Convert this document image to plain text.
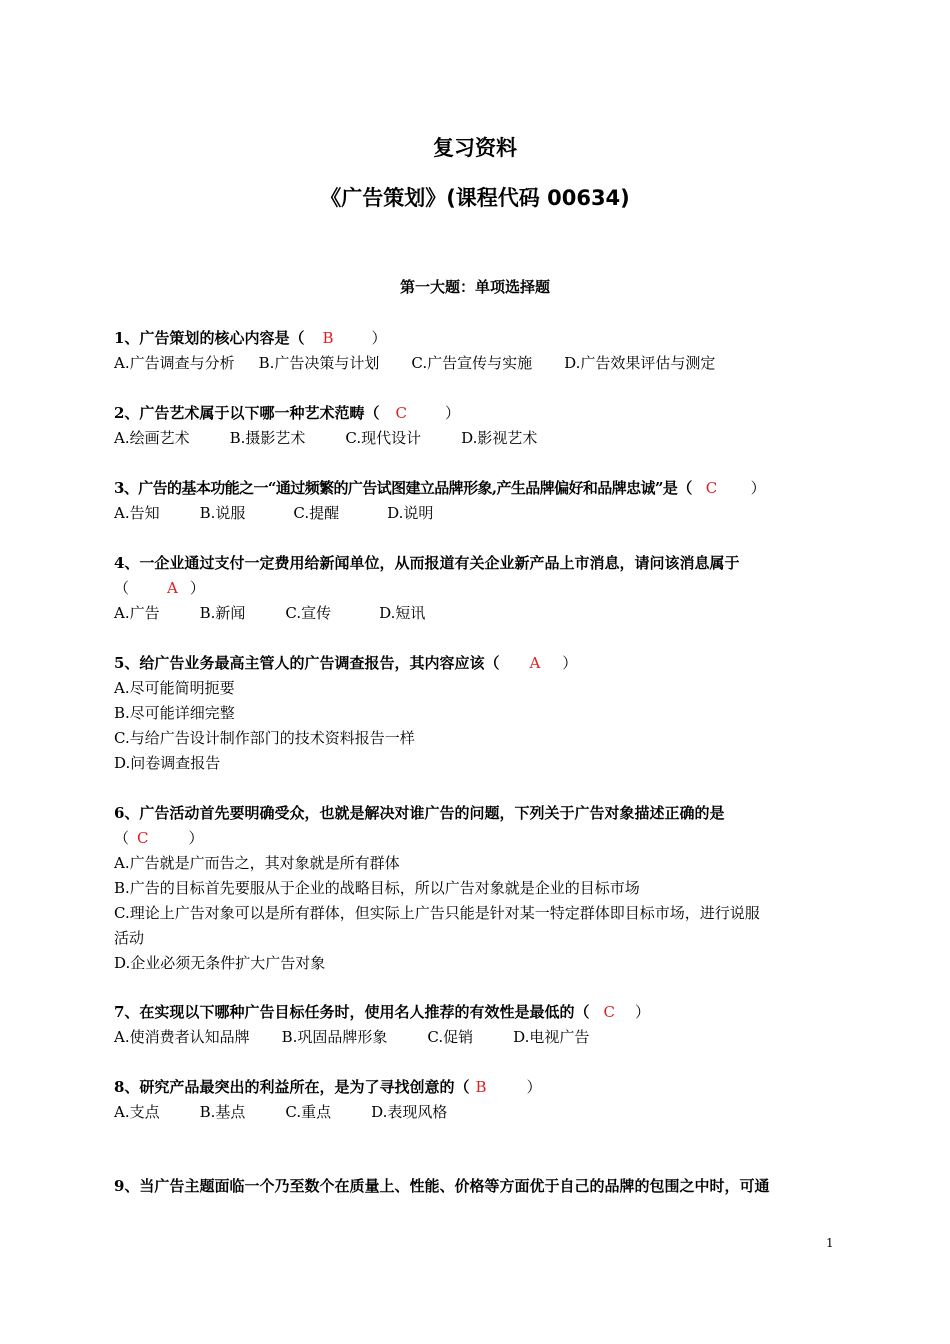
复习资料
《广告策划》(课程代码 00634)
第一大题：单项选择题
1、广告策划的核心内容是（ B	）
A.广告调查与分析 B.广告决策与计划 C.广告宣传与实施 D.广告效果评估与测定
2、广告艺术属于以下哪一种艺术范畴（ C	）
A.绘画艺术	B.摄影艺术	C.现代设计	D.影视艺术
3、广告的基本功能之一“通过频繁的广告试图建立品牌形象,产生品牌偏好和品牌忠诚”是（ C ）
A.告知	B.说服	C.提醒	D.说明
4、一企业通过支付一定费用给新闻单位，从而报道有关企业新产品上市消息，请问该消息属于
（	A ）
A.广告	B.新闻	C.宣传	D.短讯
5、给广告业务最高主管人的广告调查报告，其内容应该（ A ）
A.尽可能简明扼要
B.尽可能详细完整
C.与给广告设计制作部门的技术资料报告一样
D.问卷调查报告
6、广告活动首先要明确受众，也就是解决对谁广告的问题，下列关于广告对象描述正确的是
（ C	）
A.广告就是广而告之，其对象就是所有群体
B.广告的目标首先要服从于企业的战略目标，所以广告对象就是企业的目标市场
C.理论上广告对象可以是所有群体，但实际上广告只能是针对某一特定群体即目标市场，进行说服
活动
D.企业必须无条件扩大广告对象
7、在实现以下哪种广告目标任务时，使用名人推荐的有效性是最低的（ C ）
A.使消费者认知品牌 B.巩固品牌形象	C.促销	D.电视广告
8、研究产品最突出的利益所在，是为了寻找创意的（ B	）
A.支点	B.基点	C.重点	D.表现风格
9、当广告主题面临一个乃至数个在质量上、性能、价格等方面优于自己的品牌的包围之中时，可通
1
